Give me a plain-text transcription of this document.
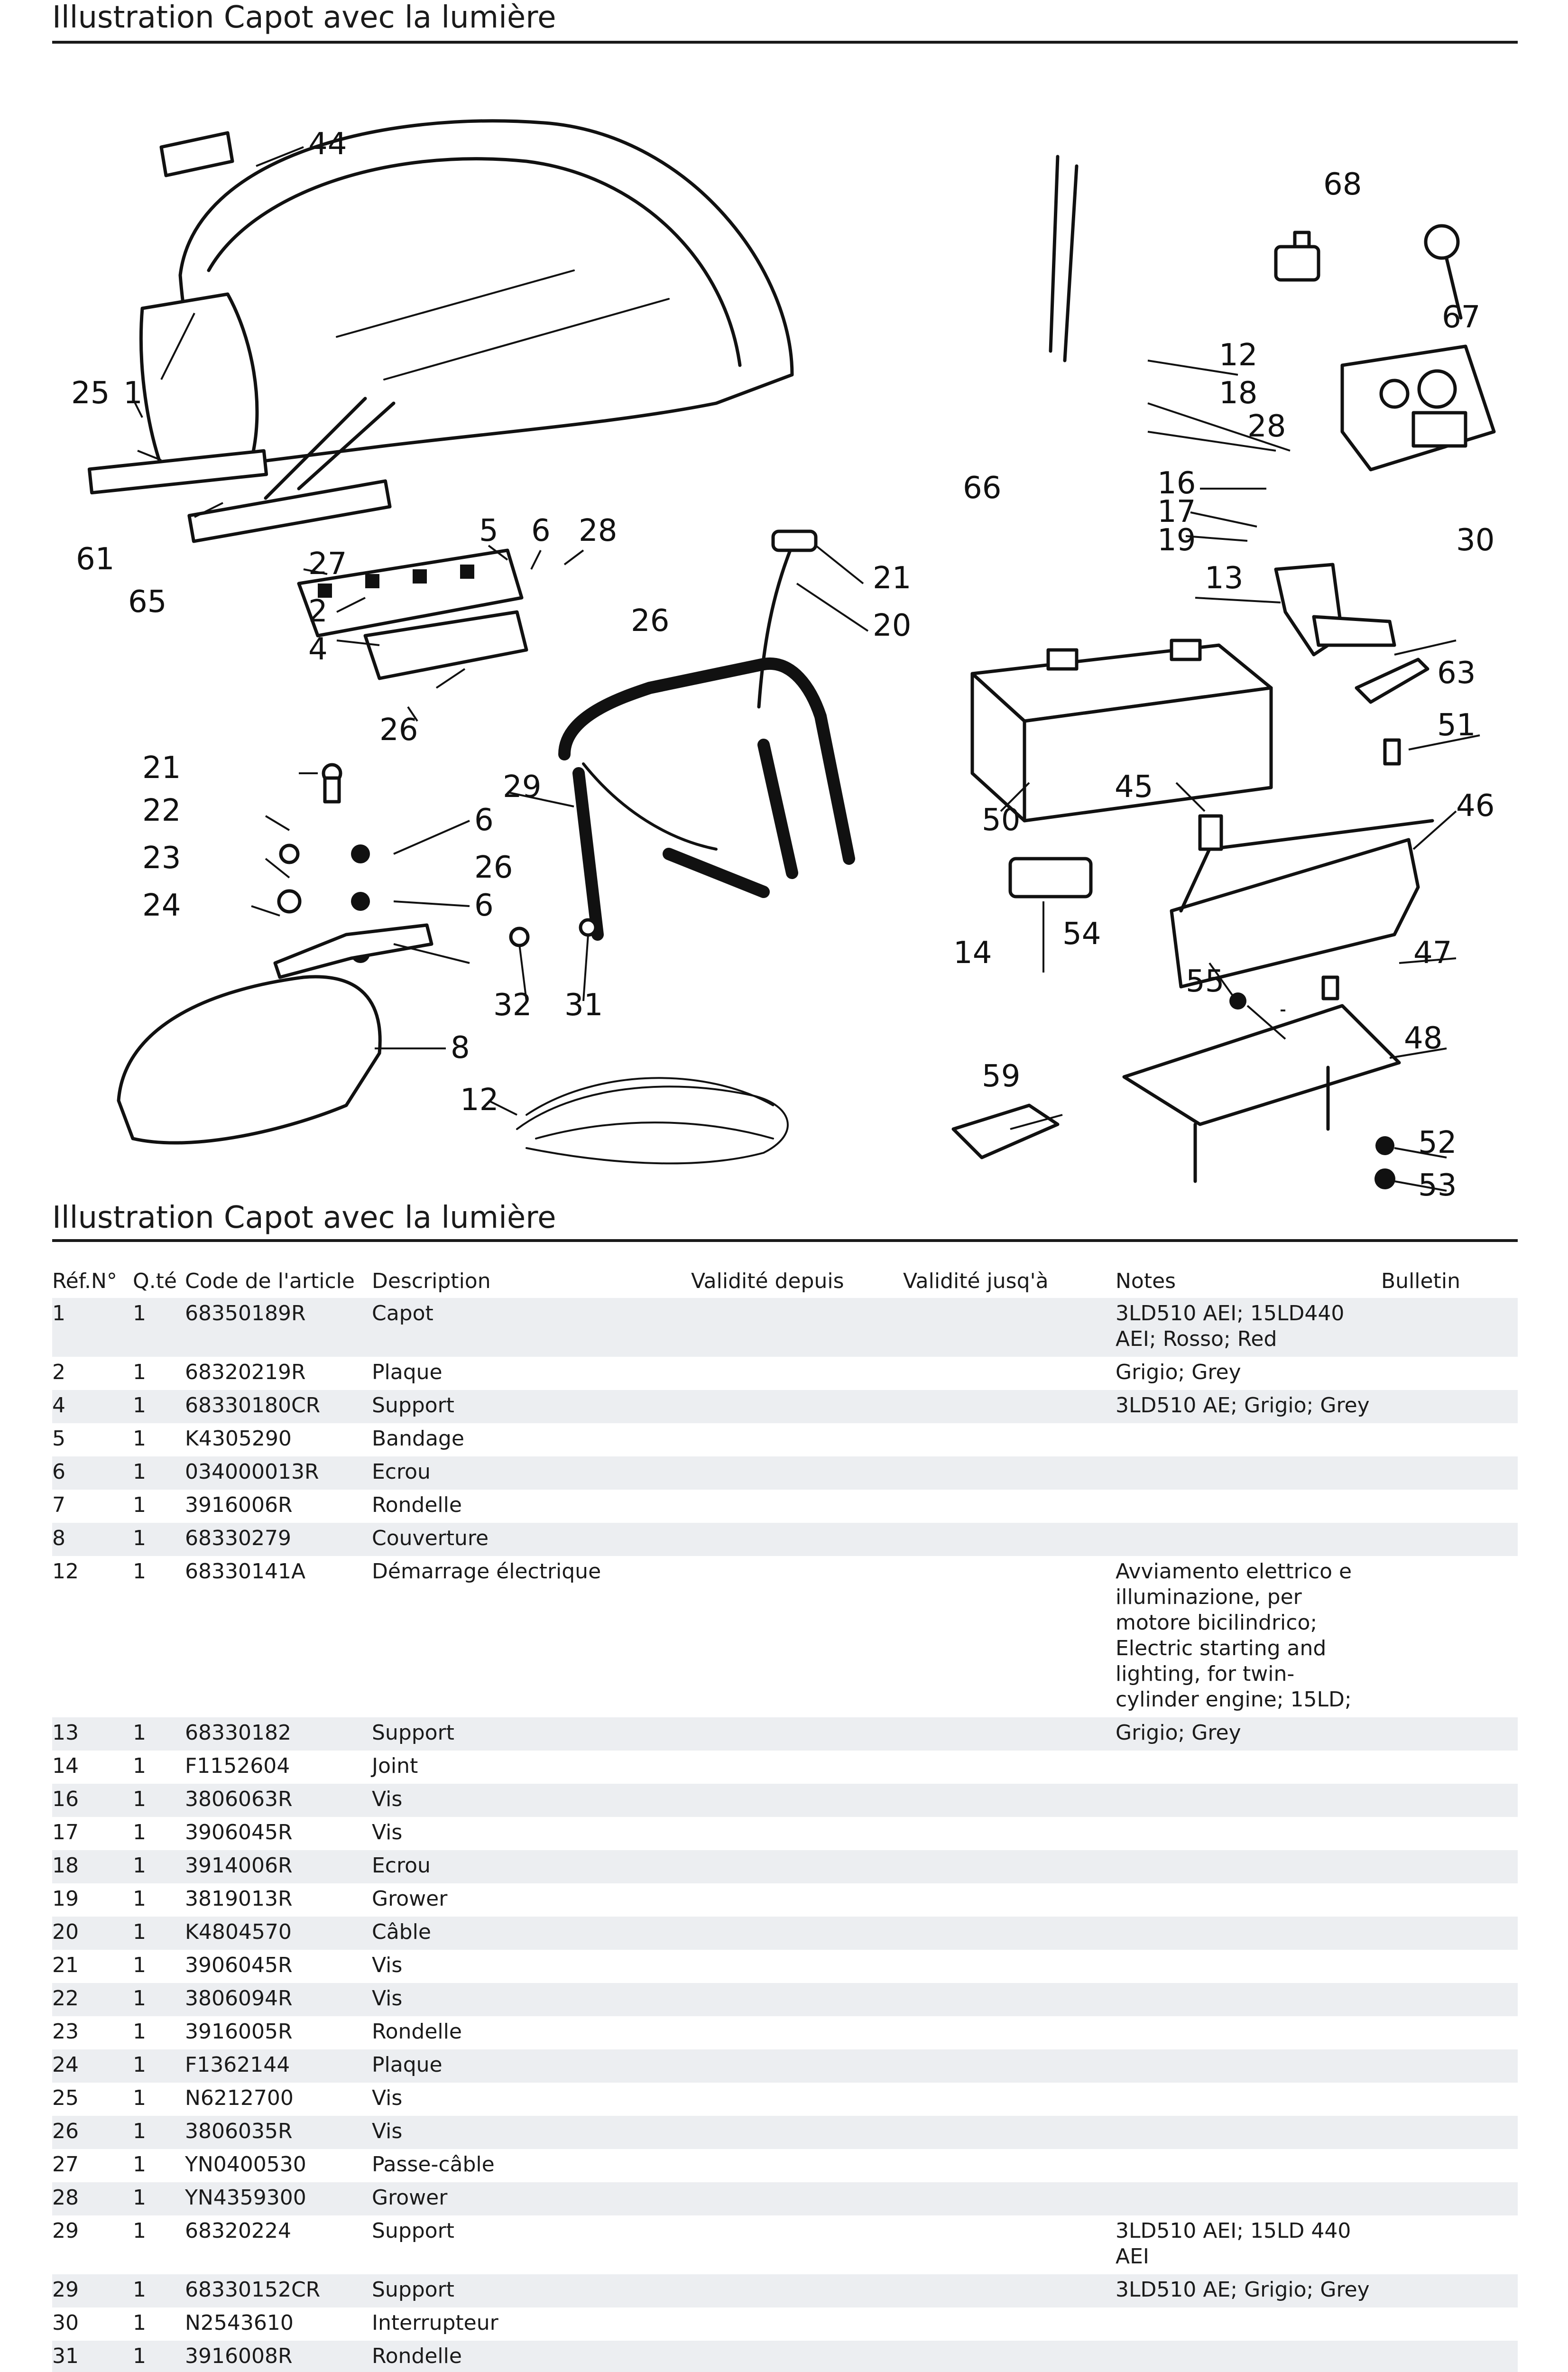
Illustration Capot avec la lumière
44
25 1
61
65
27
5 6 28
2
4
26
26
21
20
21
22
23
24
6
26
6
29
32 31
8
12
66
68
67
12
18
28
16
17
19
13
30
63
51
50
45
46
14
54
55
47
59
48
52
53
Illustration Capot avec la lumière
Réf.N°	Q.té	Code de l'article	Description	Validité depuis	Validité jusq'à	Notes	Bulletin
1	1	68350189R	Capot			3LD510 AEI; 15LD440 AEI; Rosso; Red	
2	1	68320219R	Plaque			Grigio; Grey	
4	1	68330180CR	Support			3LD510 AE; Grigio; Grey	
5	1	K4305290	Bandage				
6	1	034000013R	Ecrou				
7	1	3916006R	Rondelle				
8	1	68330279	Couverture				
12	1	68330141A	Démarrage électrique			Avviamento elettrico e illuminazione, per motore bicilindrico; Electric starting and lighting, for twin-cylinder engine; 15LD;	
13	1	68330182	Support			Grigio; Grey	
14	1	F1152604	Joint				
16	1	3806063R	Vis				
17	1	3906045R	Vis				
18	1	3914006R	Ecrou				
19	1	3819013R	Grower				
20	1	K4804570	Câble				
21	1	3906045R	Vis				
22	1	3806094R	Vis				
23	1	3916005R	Rondelle				
24	1	F1362144	Plaque				
25	1	N6212700	Vis				
26	1	3806035R	Vis				
27	1	YN0400530	Passe-câble				
28	1	YN4359300	Grower				
29	1	68320224	Support			3LD510 AEI; 15LD 440 AEI	
29	1	68330152CR	Support			3LD510 AE; Grigio; Grey	
30	1	N2543610	Interrupteur				
31	1	3916008R	Rondelle				
